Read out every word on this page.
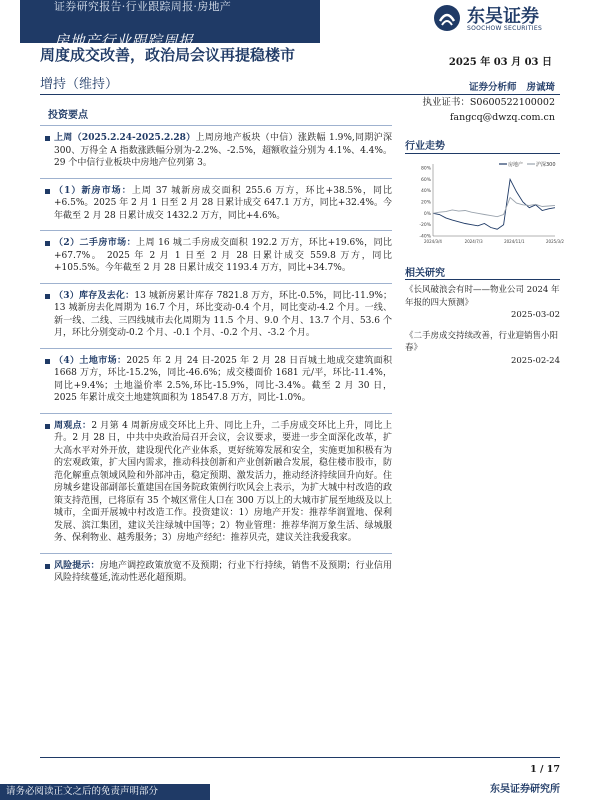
证券研究报告·行业跟踪周报·房地产
房地产行业跟踪周报
东吴证券
SOOCHOW SECURITIES
周度成交改善，政治局会议再提稳楼市	2025 年 03 月 03 日
增持（维持）	证券分析师 房诚琦
执业证书：S0600522100002
fangcq@dwzq.com.cn
投资要点
上周（2025.2.24-2025.2.28）上周房地产板块（中信）涨跌幅 1.9%,同期沪深 300、万得全 A 指数涨跌幅分别为-2.2%、-2.5%，超额收益分别为 4.1%、4.4%。29 个中信行业板块中房地产位列第 3。
（1）新房市场：上周 37 城新房成交面积 255.6 万方，环比+38.5%，同比+6.5%。2025 年 2 月 1 日至 2 月 28 日累计成交 647.1 万方，同比+32.4%。今年截至 2 月 28 日累计成交 1432.2 万方，同比+4.6%。
（2）二手房市场：上周 16 城二手房成交面积 192.2 万方，环比+19.6%，同比+67.7%。 2025 年 2 月 1 日至 2 月 28 日累计成交 559.8 万方，同比+105.5%。今年截至 2 月 28 日累计成交 1193.4 万方，同比+34.7%。
（3）库存及去化：13 城新房累计库存 7821.8 万方，环比-0.5%，同比-11.9%；13 城新房去化周期为 16.7 个月，环比变动-0.4 个月，同比变动-4.2 个月。一线、新一线、二线、三四线城市去化周期为 11.5 个月、9.0 个月、13.7 个月、53.6 个月，环比分别变动-0.2 个月、-0.1 个月、-0.2 个月、-3.2 个月。
（4）土地市场：2025 年 2 月 24 日-2025 年 2 月 28 日百城土地成交建筑面积 1668 万方，环比-15.2%，同比-46.6%；成交楼面价 1681 元/平，环比-11.4%，同比+9.4%；土地溢价率 2.5%,环比-15.9%，同比-3.4%。截至 2 月 30 日，2025 年累计成交土地建筑面积为 18547.8 万方，同比-1.0%。
周观点：2 月第 4 周新房成交环比上升、同比上升，二手房成交环比上升，同比上升。2 月 28 日，中共中央政治局召开会议，会议要求，要进一步全面深化改革，扩大高水平对外开放，建设现代化产业体系，更好统筹发展和安全，实施更加积极有为的宏观政策，扩大国内需求，推动科技创新和产业创新融合发展，稳住楼市股市，防范化解重点领域风险和外部冲击，稳定预期、激发活力，推动经济持续回升向好。住房城乡建设部副部长董建国在国务院政策例行吹风会上表示，为扩大城中村改造的政策支持范围，已将原有 35 个城区常住人口在 300 万以上的大城市扩展至地级及以上城市，全面开展城中村改造工作。投资建议：1）房地产开发：推荐华润置地、保利发展、滨江集团，建议关注绿城中国等；2）物业管理：推荐华润万象生活、绿城服务、保利物业、越秀服务；3）房地产经纪：推荐贝壳，建议关注我爱我家。
风险提示：房地产调控政策放宽不及预期；行业下行持续，销售不及预期；行业信用风险持续蔓延,流动性恶化超预期。
行业走势
80%
60%
40%
20%
0%
-20%
-40%
2024/3/4	2024/7/3	2024/11/1	2025/3/2
房地产	沪深300
相关研究
《长风破浪会有时——物业公司 2024 年年报的四大预测》
2025-03-02
《二手房成交持续改善，行业迎销售小阳春》
2025-02-24
1 / 17
东吴证券研究所
请务必阅读正文之后的免责声明部分
